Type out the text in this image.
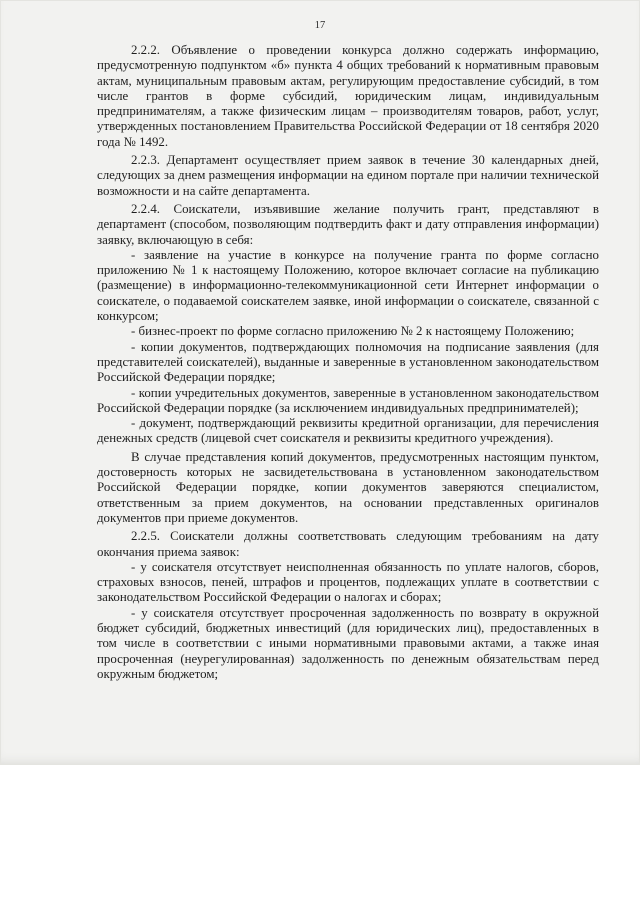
17

2.2.2. Объявление о проведении конкурса должно содержать информацию, предусмотренную подпунктом «б» пункта 4 общих требований к нормативным правовым актам, муниципальным правовым актам, регулирующим предоставление субсидий, в том числе грантов в форме субсидий, юридическим лицам, индивидуальным предпринимателям, а также физическим лицам – производителям товаров, работ, услуг, утвержденных постановлением Правительства Российской Федерации от 18 сентября 2020 года № 1492.

2.2.3. Департамент осуществляет прием заявок в течение 30 календарных дней, следующих за днем размещения информации на едином портале при наличии технической возможности и на сайте департамента.

2.2.4. Соискатели, изъявившие желание получить грант, представляют в департамент (способом, позволяющим подтвердить факт и дату отправления информации) заявку, включающую в себя:

- заявление на участие в конкурсе на получение гранта по форме согласно приложению № 1 к настоящему Положению, которое включает согласие на публикацию (размещение) в информационно-телекоммуникационной сети Интернет информации о соискателе, о подаваемой соискателем заявке, иной информации о соискателе, связанной с конкурсом;

- бизнес-проект по форме согласно приложению № 2 к настоящему Положению;

- копии документов, подтверждающих полномочия на подписание заявления (для представителей соискателей), выданные и заверенные в установленном законодательством Российской Федерации порядке;

- копии учредительных документов, заверенные в установленном законодательством Российской Федерации порядке (за исключением индивидуальных предпринимателей);

- документ, подтверждающий реквизиты кредитной организации, для перечисления денежных средств (лицевой счет соискателя и реквизиты кредитного учреждения).

В случае представления копий документов, предусмотренных настоящим пунктом, достоверность которых не засвидетельствована в установленном законодательством Российской Федерации порядке, копии документов заверяются специалистом, ответственным за прием документов, на основании представленных оригиналов документов при приеме документов.

2.2.5. Соискатели должны соответствовать следующим требованиям на дату окончания приема заявок:

- у соискателя отсутствует неисполненная обязанность по уплате налогов, сборов, страховых взносов, пеней, штрафов и процентов, подлежащих уплате в соответствии с законодательством Российской Федерации о налогах и сборах;

- у соискателя отсутствует просроченная задолженность по возврату в окружной бюджет субсидий, бюджетных инвестиций (для юридических лиц), предоставленных в том числе в соответствии с иными нормативными правовыми актами, а также иная просроченная (неурегулированная) задолженность по денежным обязательствам перед окружным бюджетом;
